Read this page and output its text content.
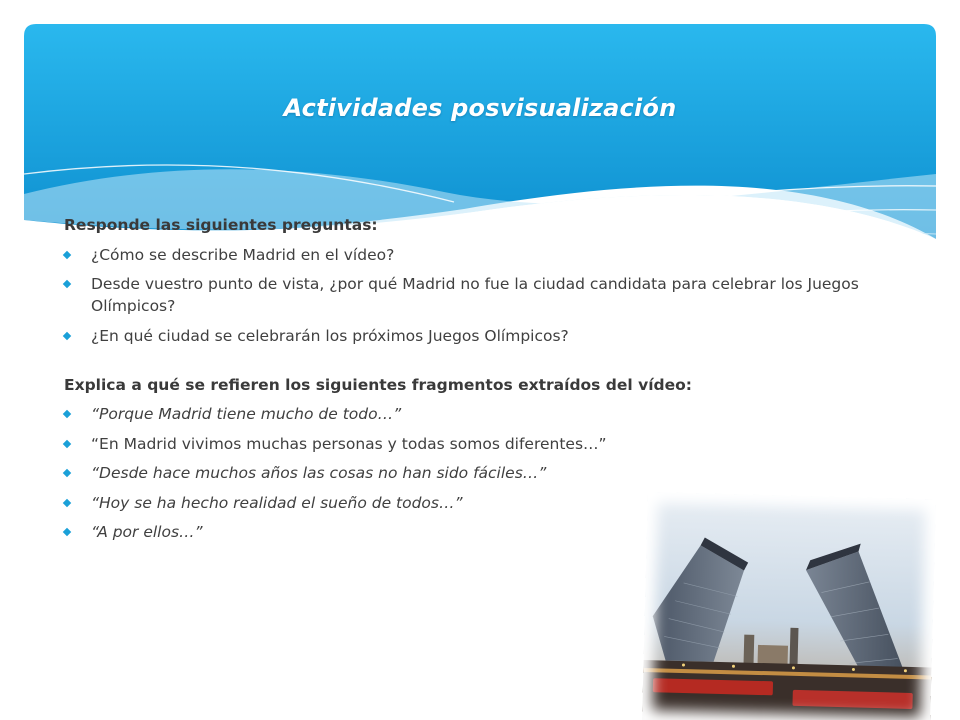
Actividades posvisualización
Responde las siguientes preguntas:
¿Cómo se describe Madrid en el vídeo?
Desde vuestro punto de vista, ¿por qué Madrid no fue la ciudad candidata para celebrar los Juegos Olímpicos?
¿En qué ciudad se celebrarán los próximos Juegos Olímpicos?
Explica a qué se refieren los siguientes fragmentos extraídos del vídeo:
“Porque Madrid tiene mucho de todo…”
“En Madrid vivimos muchas personas y todas somos diferentes…”
“Desde hace muchos años las cosas no han sido fáciles…”
“Hoy se ha hecho realidad el sueño de todos…”
“A por ellos…”
